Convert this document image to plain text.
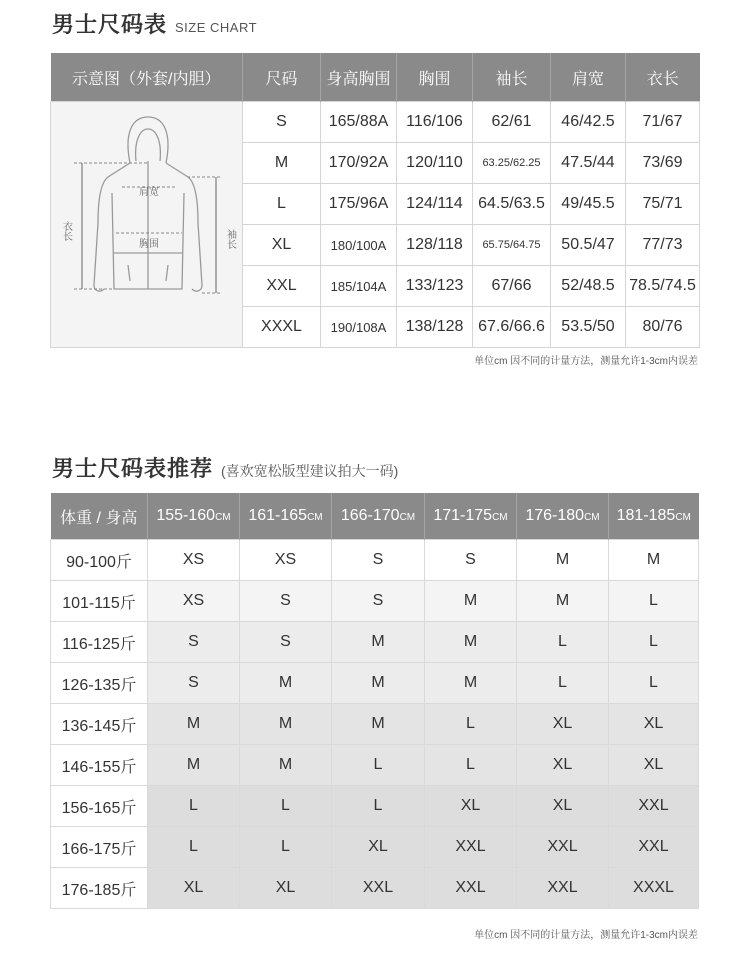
男士尺码表 SIZE CHART
示意图（外套/内胆）	尺码	身高胸围	胸围	袖长	肩宽	衣长

肩宽
胸围
衣长 袖长	S	165/88A	116/106	62/61	46/42.5	71/67
	M	170/92A	120/110	63.25/62.25	47.5/44	73/69
	L	175/96A	124/114	64.5/63.5	49/45.5	75/71
	XL	180/100A	128/118	65.75/64.75	50.5/47	77/73
	XXL	185/104A	133/123	67/66	52/48.5	78.5/74.5
	XXXL	190/108A	138/128	67.6/66.6	53.5/50	80/76
单位cm 因不同的计量方法，测量允许1-3cm内误差
男士尺码表推荐 (喜欢宽松版型建议拍大一码)
体重 / 身高	155-160CM	161-165CM	166-170CM	171-175CM	176-180CM	181-185CM
90-100斤	XS	XS	S	S	M	M
101-115斤	XS	S	S	M	M	L
116-125斤	S	S	M	M	L	L
126-135斤	S	M	M	M	L	L
136-145斤	M	M	M	L	XL	XL
146-155斤	M	M	L	L	XL	XL
156-165斤	L	L	L	XL	XL	XXL
166-175斤	L	L	XL	XXL	XXL	XXL
176-185斤	XL	XL	XXL	XXL	XXL	XXXL
单位cm 因不同的计量方法，测量允许1-3cm内误差
